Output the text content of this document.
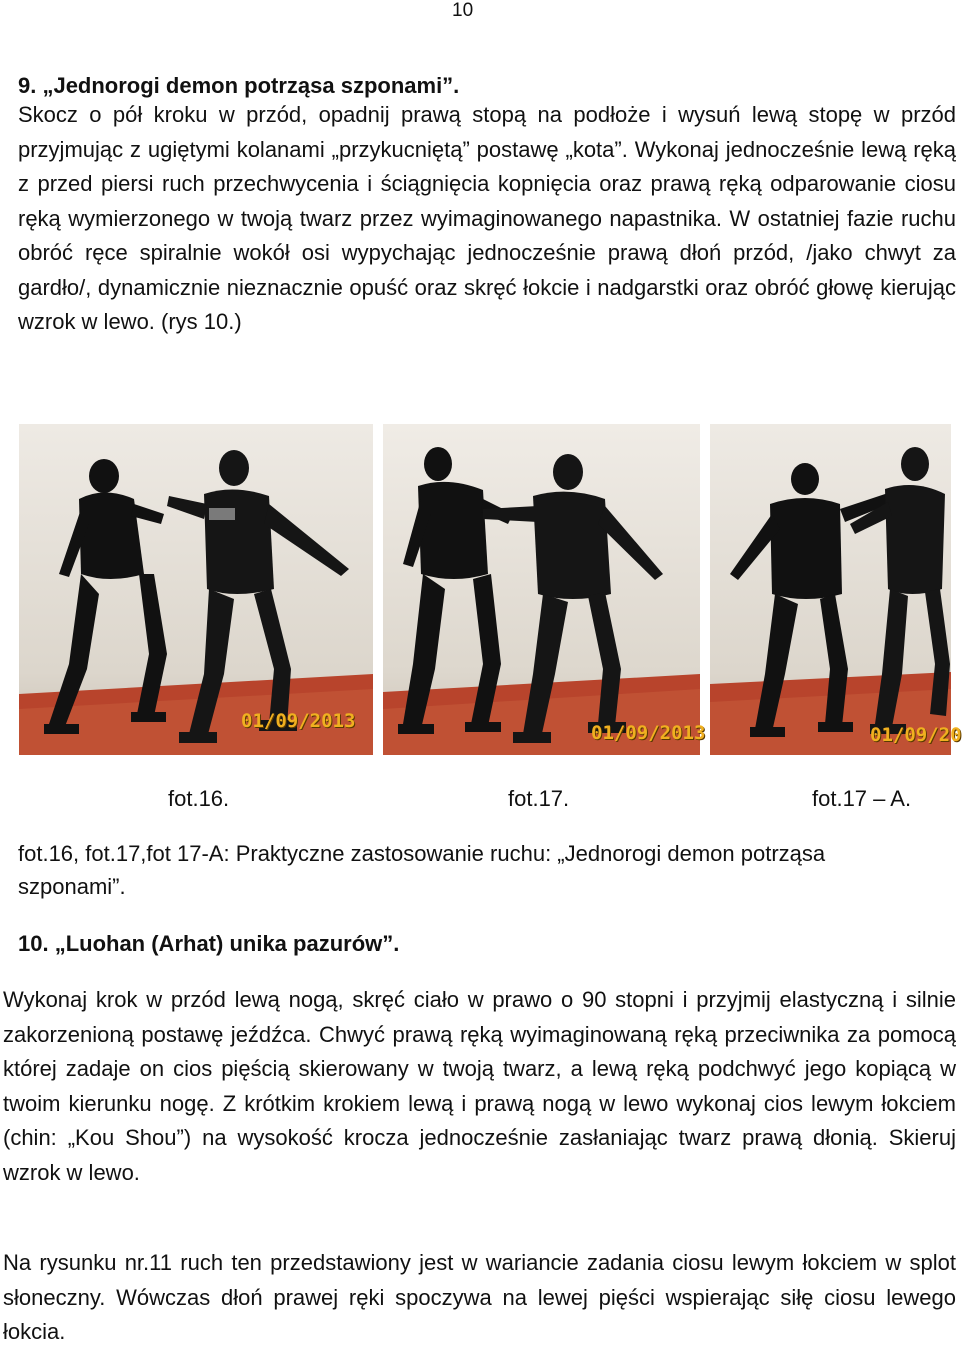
10
9. „Jednorogi demon potrząsa szponami”.

Skocz o pół kroku w przód, opadnij prawą stopą na podłoże i wysuń lewą stopę w przód przyjmując z ugiętymi kolanami „przykucniętą” postawę „kota”. Wykonaj jednocześnie lewą ręką z przed piersi ruch przechwycenia i ściągnięcia kopnięcia oraz prawą ręką odparowanie ciosu ręką wymierzonego w twoją twarz przez wyimaginowanego napastnika. W ostatniej fazie ruchu obróć ręce spiralnie wokół osi wypychając jednocześnie prawą dłoń przód, /jako chwyt za gardło/, dynamicznie nieznacznie opuść oraz skręć łokcie i nadgarstki oraz obróć głowę kierując wzrok w lewo. (rys 10.)

01/09/2013
01/09/2013	01/09/20
fot.16.	fot.17.	fot.17 – A.

fot.16, fot.17,fot 17-A: Praktyczne zastosowanie ruchu: „Jednorogi demon potrząsa szponami”.

10. „Luohan (Arhat) unika pazurów”.

Wykonaj krok w przód lewą nogą, skręć ciało w prawo o 90 stopni i przyjmij elastyczną i silnie zakorzenioną postawę jeźdźca. Chwyć prawą ręką wyimaginowaną ręką przeciwnika za pomocą której zadaje on cios pięścią skierowany w twoją twarz, a lewą ręką podchwyć jego kopiącą w twoim kierunku nogę. Z krótkim krokiem lewą i prawą nogą w lewo wykonaj cios lewym łokciem (chin: „Kou Shou”) na wysokość krocza jednocześnie zasłaniając twarz prawą dłonią. Skieruj wzrok w lewo.

Na rysunku nr.11 ruch ten przedstawiony jest w wariancie zadania ciosu lewym łokciem w splot słoneczny. Wówczas dłoń prawej ręki spoczywa na lewej pięści wspierając siłę ciosu lewego łokcia.
